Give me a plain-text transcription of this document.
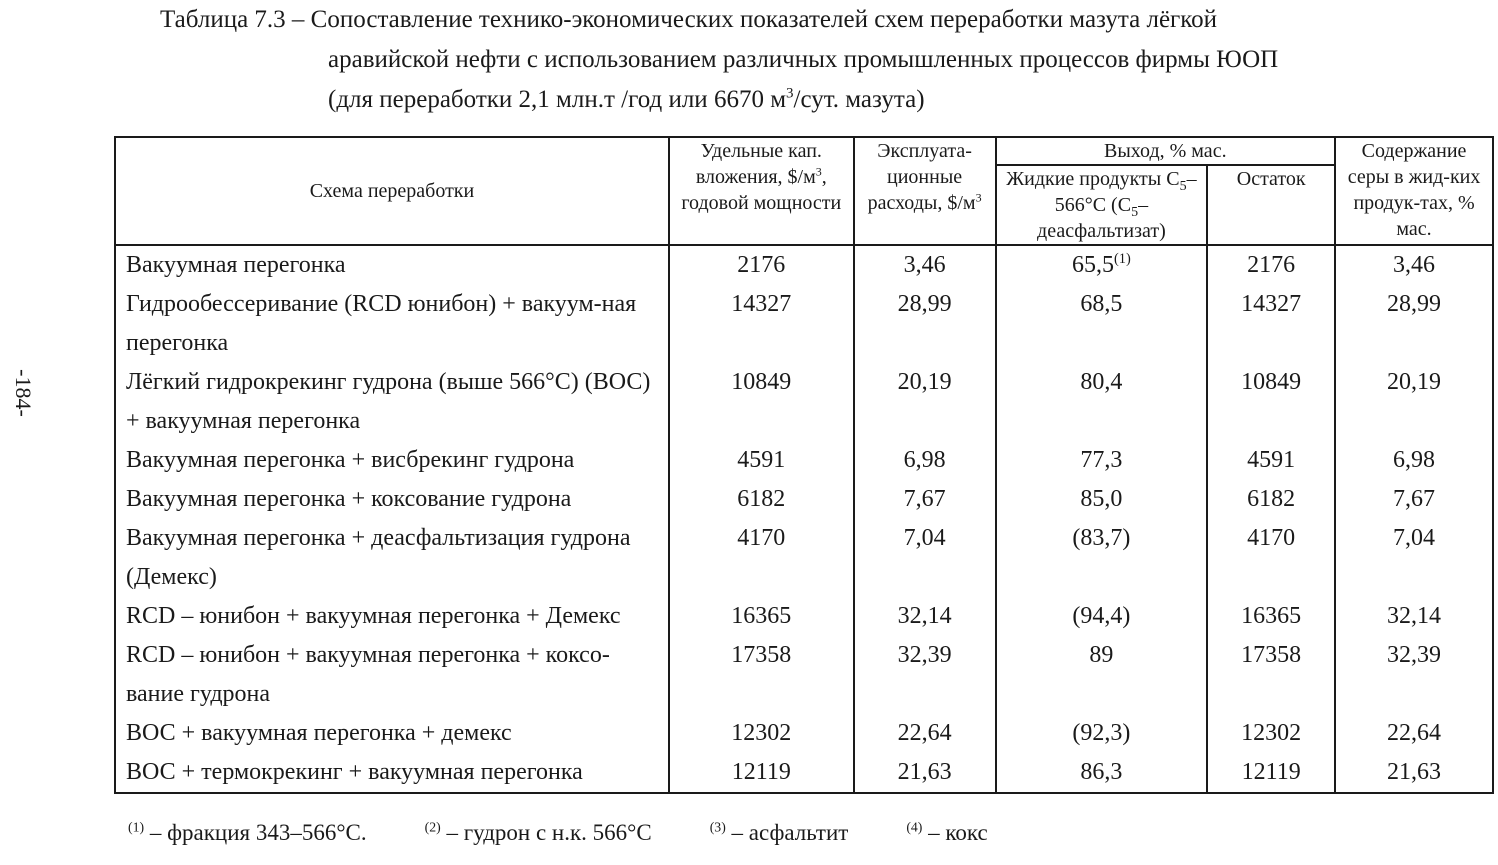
-184-
Таблица 7.3 – Сопоставление технико-экономических показателей схем переработки мазута лёгкой
аравийской нефти с использованием различных промышленных процессов фирмы ЮОП
(для переработки 2,1 млн.т /год или 6670 $м^3$/сут. мазута)
Схема переработки	Удельные кап. вложения, $\$/м^3$, годовой мощности	Эксплуата-ционные расходы, $\$/м^3$	Выход, % мас.		Содержание серы в жид-ких продук-тах, % мас.
			Жидкие продукты $С_5-566^\circ С$ $(С_5-деасфальтизат)$	Остаток	
Вакуумная перегонка	2176	3,46	65,5$^{(1)}$	2176	3,46
Гидрообессеривание (RCD юнибон) + вакуум-ная перегонка	14327	28,99	68,5	14327	28,99
Лёгкий гидрокрекинг гудрона (выше 566°С) (ВОС) + вакуумная перегонка	10849	20,19	80,4	10849	20,19
Вакуумная перегонка + висбрекинг гудрона	4591	6,98	77,3	4591	6,98
Вакуумная перегонка + коксование гудрона	6182	7,67	85,0	6182	7,67
Вакуумная перегонка + деасфальтизация гудрона (Демекс)	4170	7,04	(83,7)	4170	7,04
RCD – юнибон + вакуумная перегонка + Демекс	16365	32,14	(94,4)	16365	32,14
RCD – юнибон + вакуумная перегонка + коксо-вание гудрона	17358	32,39	89	17358	32,39
ВОС + вакуумная перегонка + демекс	12302	22,64	(92,3)	12302	22,64
ВОС + термокрекинг + вакуумная перегонка	12119	21,63	86,3	12119	21,63
$^{(1)}$ – фракция 343–566°С.	$^{(2)}$ – гудрон с н.к. 566°С	$^{(3)}$ – асфальтит	$^{(4)}$ – кокс
